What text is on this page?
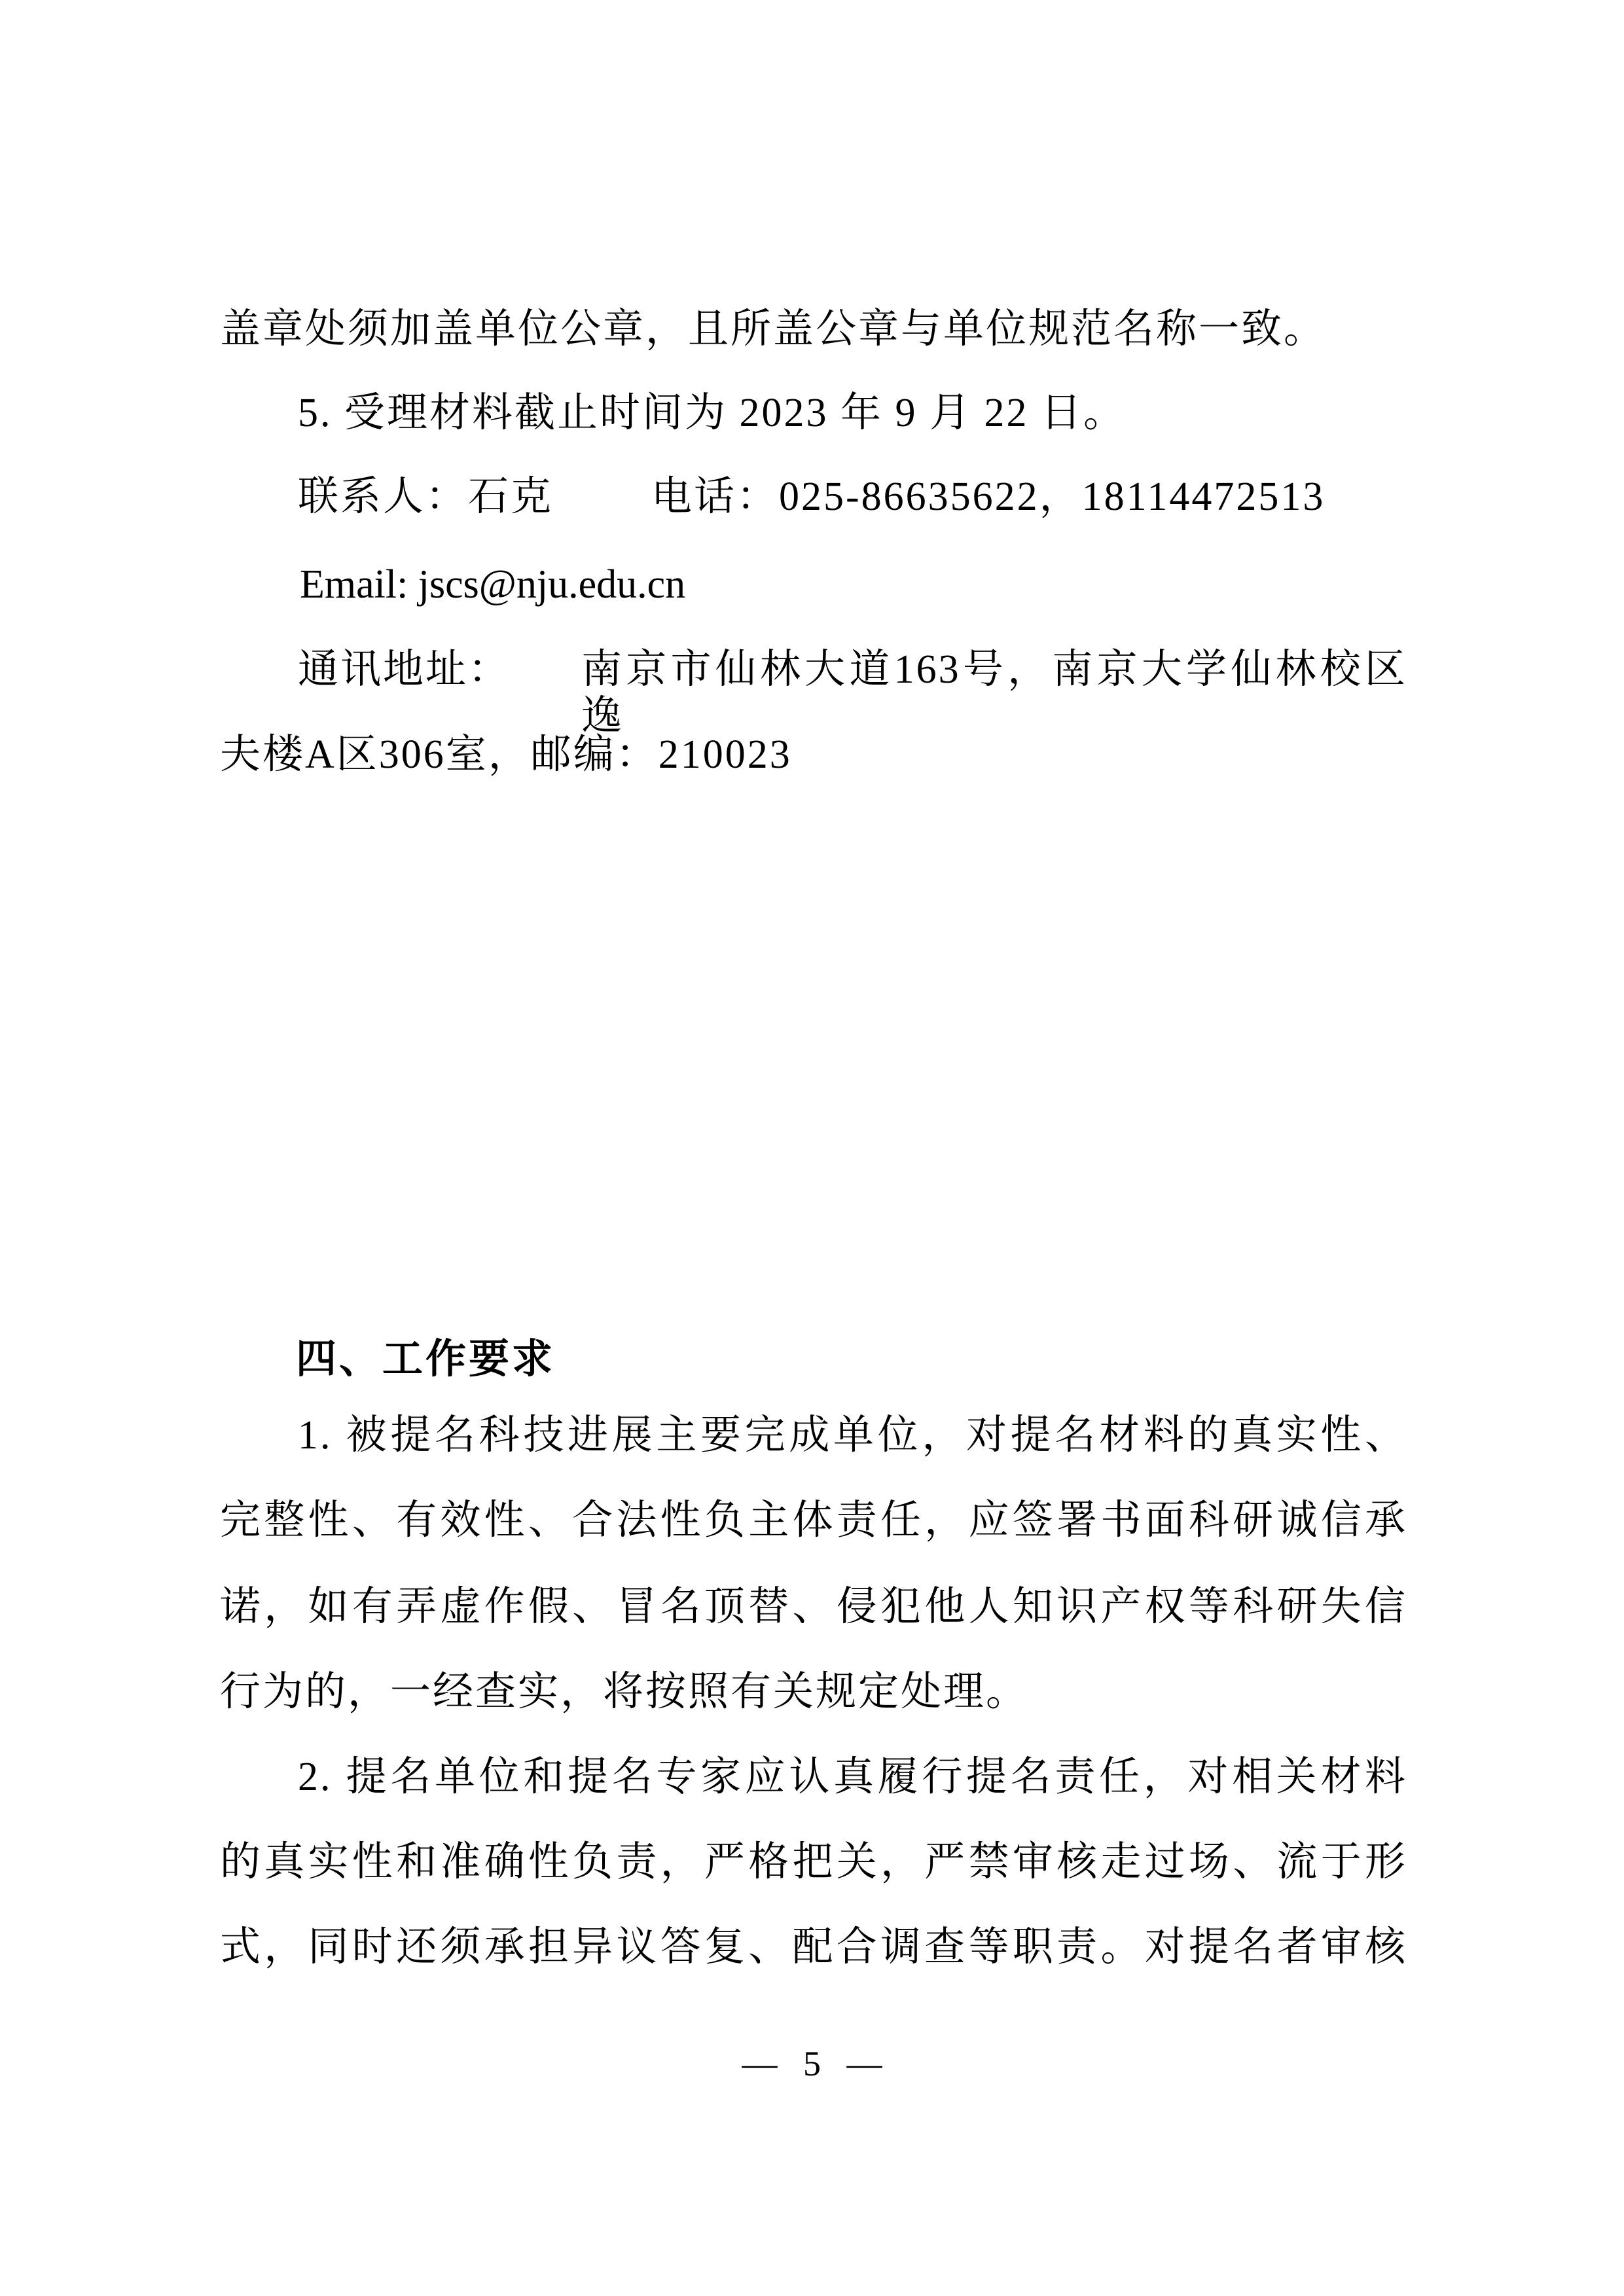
盖章处须加盖单位公章，且所盖公章与单位规范名称一致。
5. 受理材料截止时间为 2023 年 9 月 22 日。
联系人：石克 电话：025-86635622，18114472513
Email: jscs@nju.edu.cn
通讯地址： 南京市仙林大道163号，南京大学仙林校区逸
夫楼A区306室，邮编：210023
四、工作要求
1. 被提名科技进展主要完成单位，对提名材料的真实性、
完整性、有效性、合法性负主体责任，应签署书面科研诚信承
诺，如有弄虚作假、冒名顶替、侵犯他人知识产权等科研失信
行为的，一经查实，将按照有关规定处理。
2. 提名单位和提名专家应认真履行提名责任，对相关材料
的真实性和准确性负责，严格把关，严禁审核走过场、流于形
式，同时还须承担异议答复、配合调查等职责。对提名者审核
— 5 —
